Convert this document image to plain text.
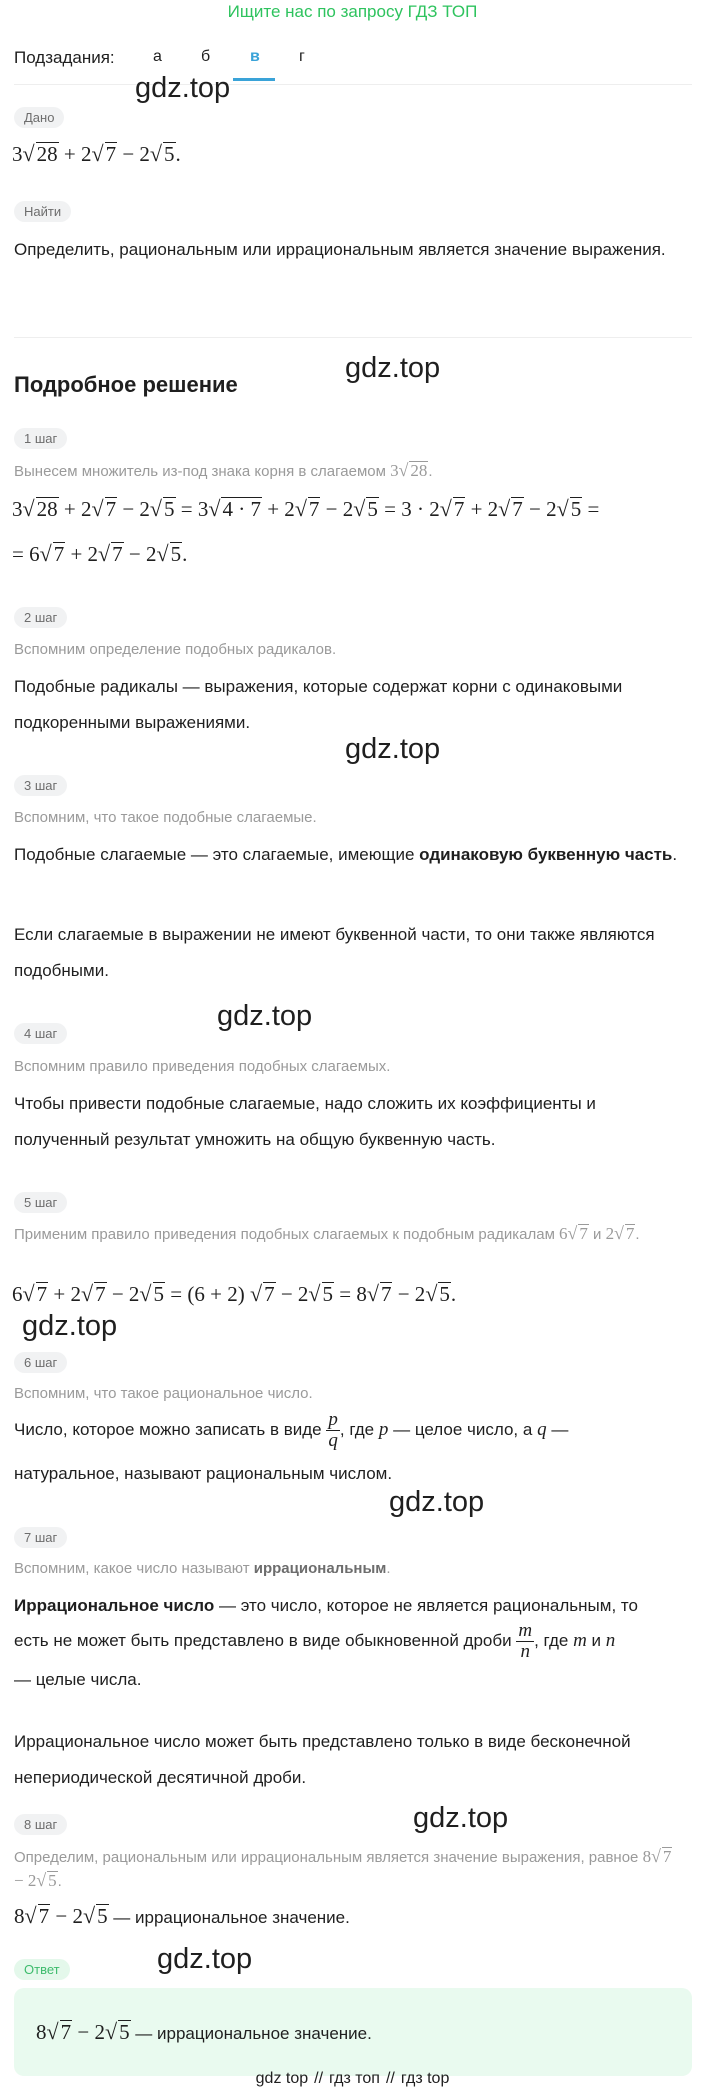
Ищите нас по запросу ГДЗ ТОП
Подзадания: а б в г
gdz.top
gdz.top
gdz.top
gdz.top
gdz.top
gdz.top
gdz.top
gdz.top
Дано
3√28 + 2√7 − 2√5.
Найти
Определить, рациональным или иррациональным является значение выражения.
Подробное решение
1 шаг
Вынесем множитель из-под знака корня в слагаемом 3√ 28.
3√28 + 2√7 − 2√5 = 3√4 · 7 + 2√7 − 2√5 = 3 · 2√7 + 2√7 − 2√5 =
= 6√7 + 2√7 − 2√5.
2 шаг
Вспомним определение подобных радикалов.
Подобные радикалы — выражения, которые содержат корни с одинаковыми подкоренными выражениями.
3 шаг
Вспомним, что такое подобные слагаемые.
Подобные слагаемые — это слагаемые, имеющие одинаковую буквенную часть.
Если слагаемые в выражении не имеют буквенной части, то они также являются подобными.
4 шаг
Вспомним правило приведения подобных слагаемых.
Чтобы привести подобные слагаемые, надо сложить их коэффициенты и полученный результат умножить на общую буквенную часть.
5 шаг
Применим правило приведения подобных слагаемых к подобным радикалам 6√ 7 и 2√ 7.
6√7 + 2√7 − 2√5 = (6 + 2) √7 − 2√5 = 8√7 − 2√5.
6 шаг
Вспомним, что такое рациональное число.
Число, которое можно записать в виде $\frac{p}{q}$ , где p — целое число, а q —
натуральное, называют рациональным числом.
7 шаг
Вспомним, какое число называют иррациональным.
Иррациональное число — это число, которое не является рациональным, то
есть не может быть представлено в виде обыкновенной дроби $\frac{m}{n}$ , где m и n
— целые числа.
Иррациональное число может быть представлено только в виде бесконечной непериодической десятичной дроби.
8 шаг
Определим, рациональным или иррациональным является значение выражения, равное 8√ 7 − 2√ 5.
8√7 − 2√5 — иррациональное значение.
Ответ
8√7 − 2√5 — иррациональное значение.
gdz top // гдз топ // гдз top
